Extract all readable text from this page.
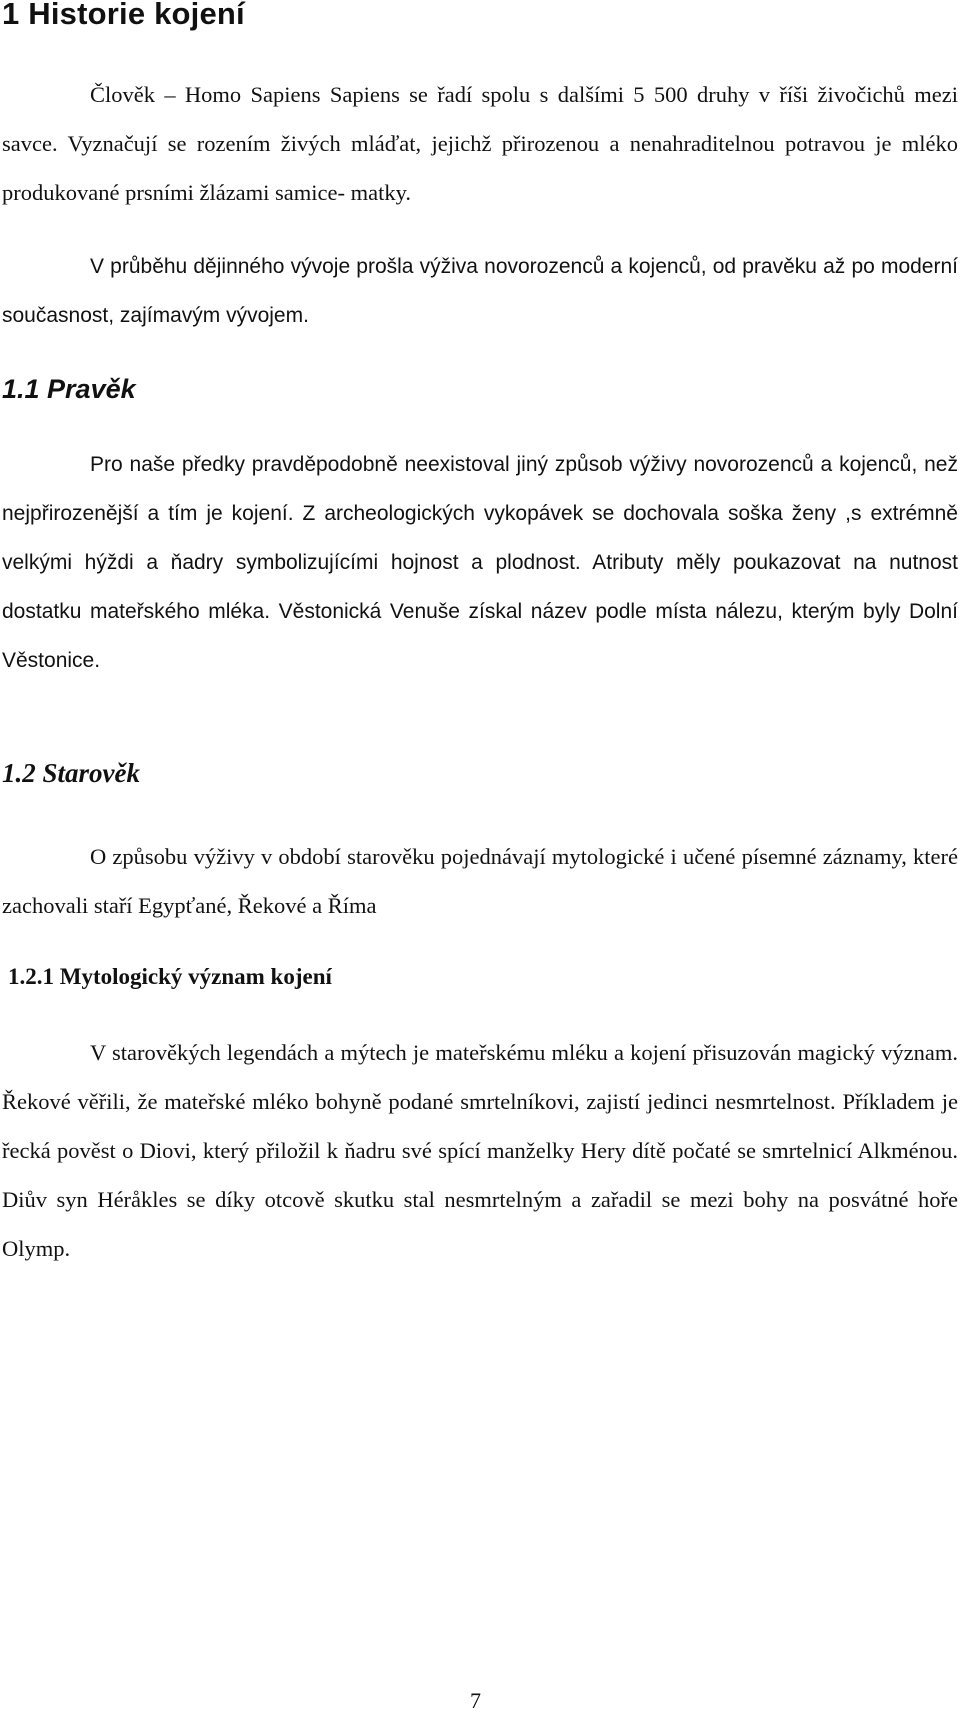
1 Historie kojení
Člověk – Homo Sapiens Sapiens se řadí spolu s dalšími 5 500 druhy v říši živočichů mezi savce. Vyznačují se rozením živých mláďat, jejichž přirozenou a nenahraditelnou potravou je mléko produkované prsními žlázami samice- matky.
V průběhu dějinného vývoje prošla výživa novorozenců a kojenců, od pravěku až po moderní současnost, zajímavým vývojem.
1.1 Pravěk
Pro naše předky pravděpodobně neexistoval jiný způsob výživy novorozenců a kojenců, než nejpřirozenější a tím je kojení. Z archeologických vykopávek se dochovala soška ženy ,s extrémně velkými hýždi a ňadry symbolizujícími hojnost a plodnost. Atributy měly poukazovat na nutnost dostatku mateřského mléka. Věstonická Venuše získal název podle místa nálezu, kterým byly Dolní Věstonice.
1.2 Starověk
O způsobu výživy v období starověku pojednávají mytologické i učené písemné záznamy, které zachovali staří Egypťané, Řekové a Říma
1.2.1 Mytologický význam kojení
V starověkých legendách a mýtech je mateřskému mléku a kojení přisuzován magický význam. Řekové věřili, že mateřské mléko bohyně podané smrtelníkovi, zajistí jedinci nesmrtelnost. Příkladem je řecká pověst o Diovi, který přiložil k ňadru své spící manželky Hery dítě počaté se smrtelnicí Alkménou. Diův syn Héråkles se díky otcově skutku stal nesmrtelným a zařadil se mezi bohy na posvátné hoře Olymp.
7
